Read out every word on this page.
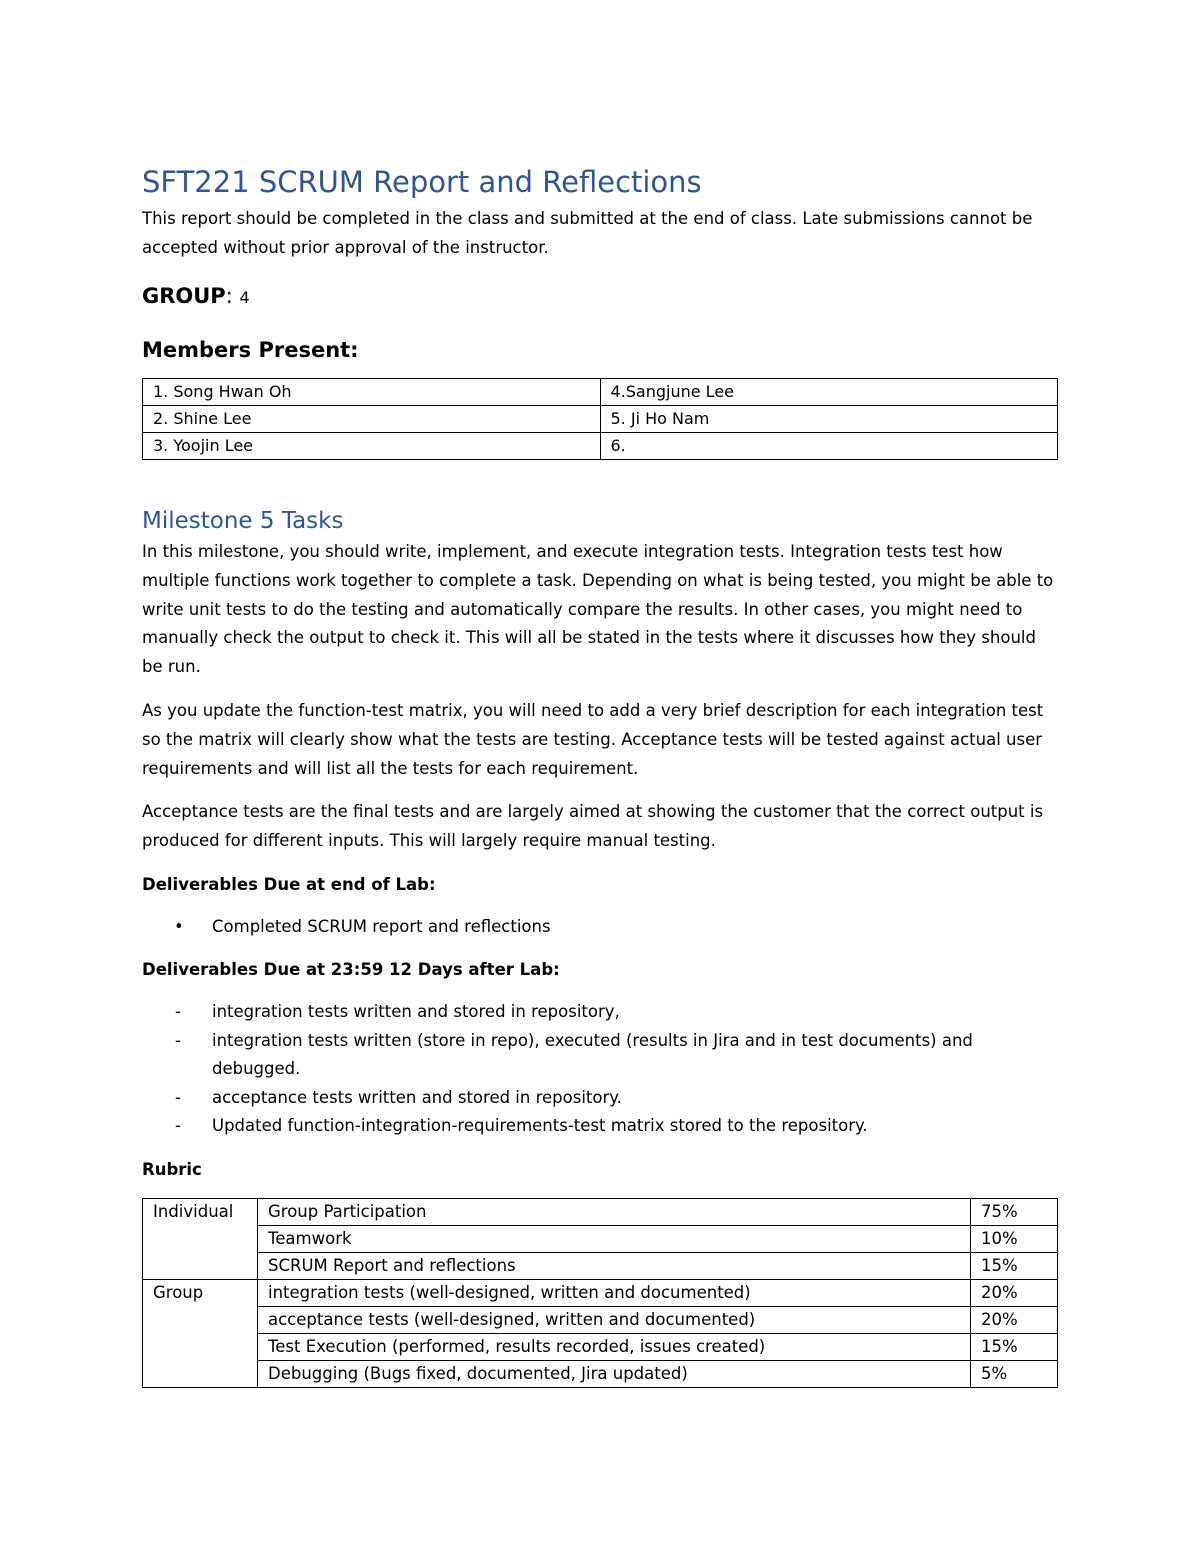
SFT221 SCRUM Report and Reflections

This report should be completed in the class and submitted at the end of class. Late submissions cannot be accepted without prior approval of the instructor.

GROUP: 4
Members Present:
1. Song Hwan Oh	4.Sangjune Lee
2. Shine Lee	5. Ji Ho Nam
3. Yoojin Lee	6.
Milestone 5 Tasks

In this milestone, you should write, implement, and execute integration tests. Integration tests test how multiple functions work together to complete a task. Depending on what is being tested, you might be able to write unit tests to do the testing and automatically compare the results. In other cases, you might need to manually check the output to check it. This will all be stated in the tests where it discusses how they should be run.

As you update the function-test matrix, you will need to add a very brief description for each integration test so the matrix will clearly show what the tests are testing. Acceptance tests will be tested against actual user requirements and will list all the tests for each requirement.

Acceptance tests are the final tests and are largely aimed at showing the customer that the correct output is produced for different inputs. This will largely require manual testing.

Deliverables Due at end of Lab:

• Completed SCRUM report and reflections

Deliverables Due at 23:59 12 Days after Lab:

- integration tests written and stored in repository,
- integration tests written (store in repo), executed (results in Jira and in test documents) and debugged.
- acceptance tests written and stored in repository.
- Updated function-integration-requirements-test matrix stored to the repository.

Rubric

Individual	Group Participation	75%
	Teamwork	10%
	SCRUM Report and reflections	15%
Group	integration tests (well-designed, written and documented)	20%
	acceptance tests (well-designed, written and documented)	20%
	Test Execution (performed, results recorded, issues created)	15%
	Debugging (Bugs fixed, documented, Jira updated)	5%
